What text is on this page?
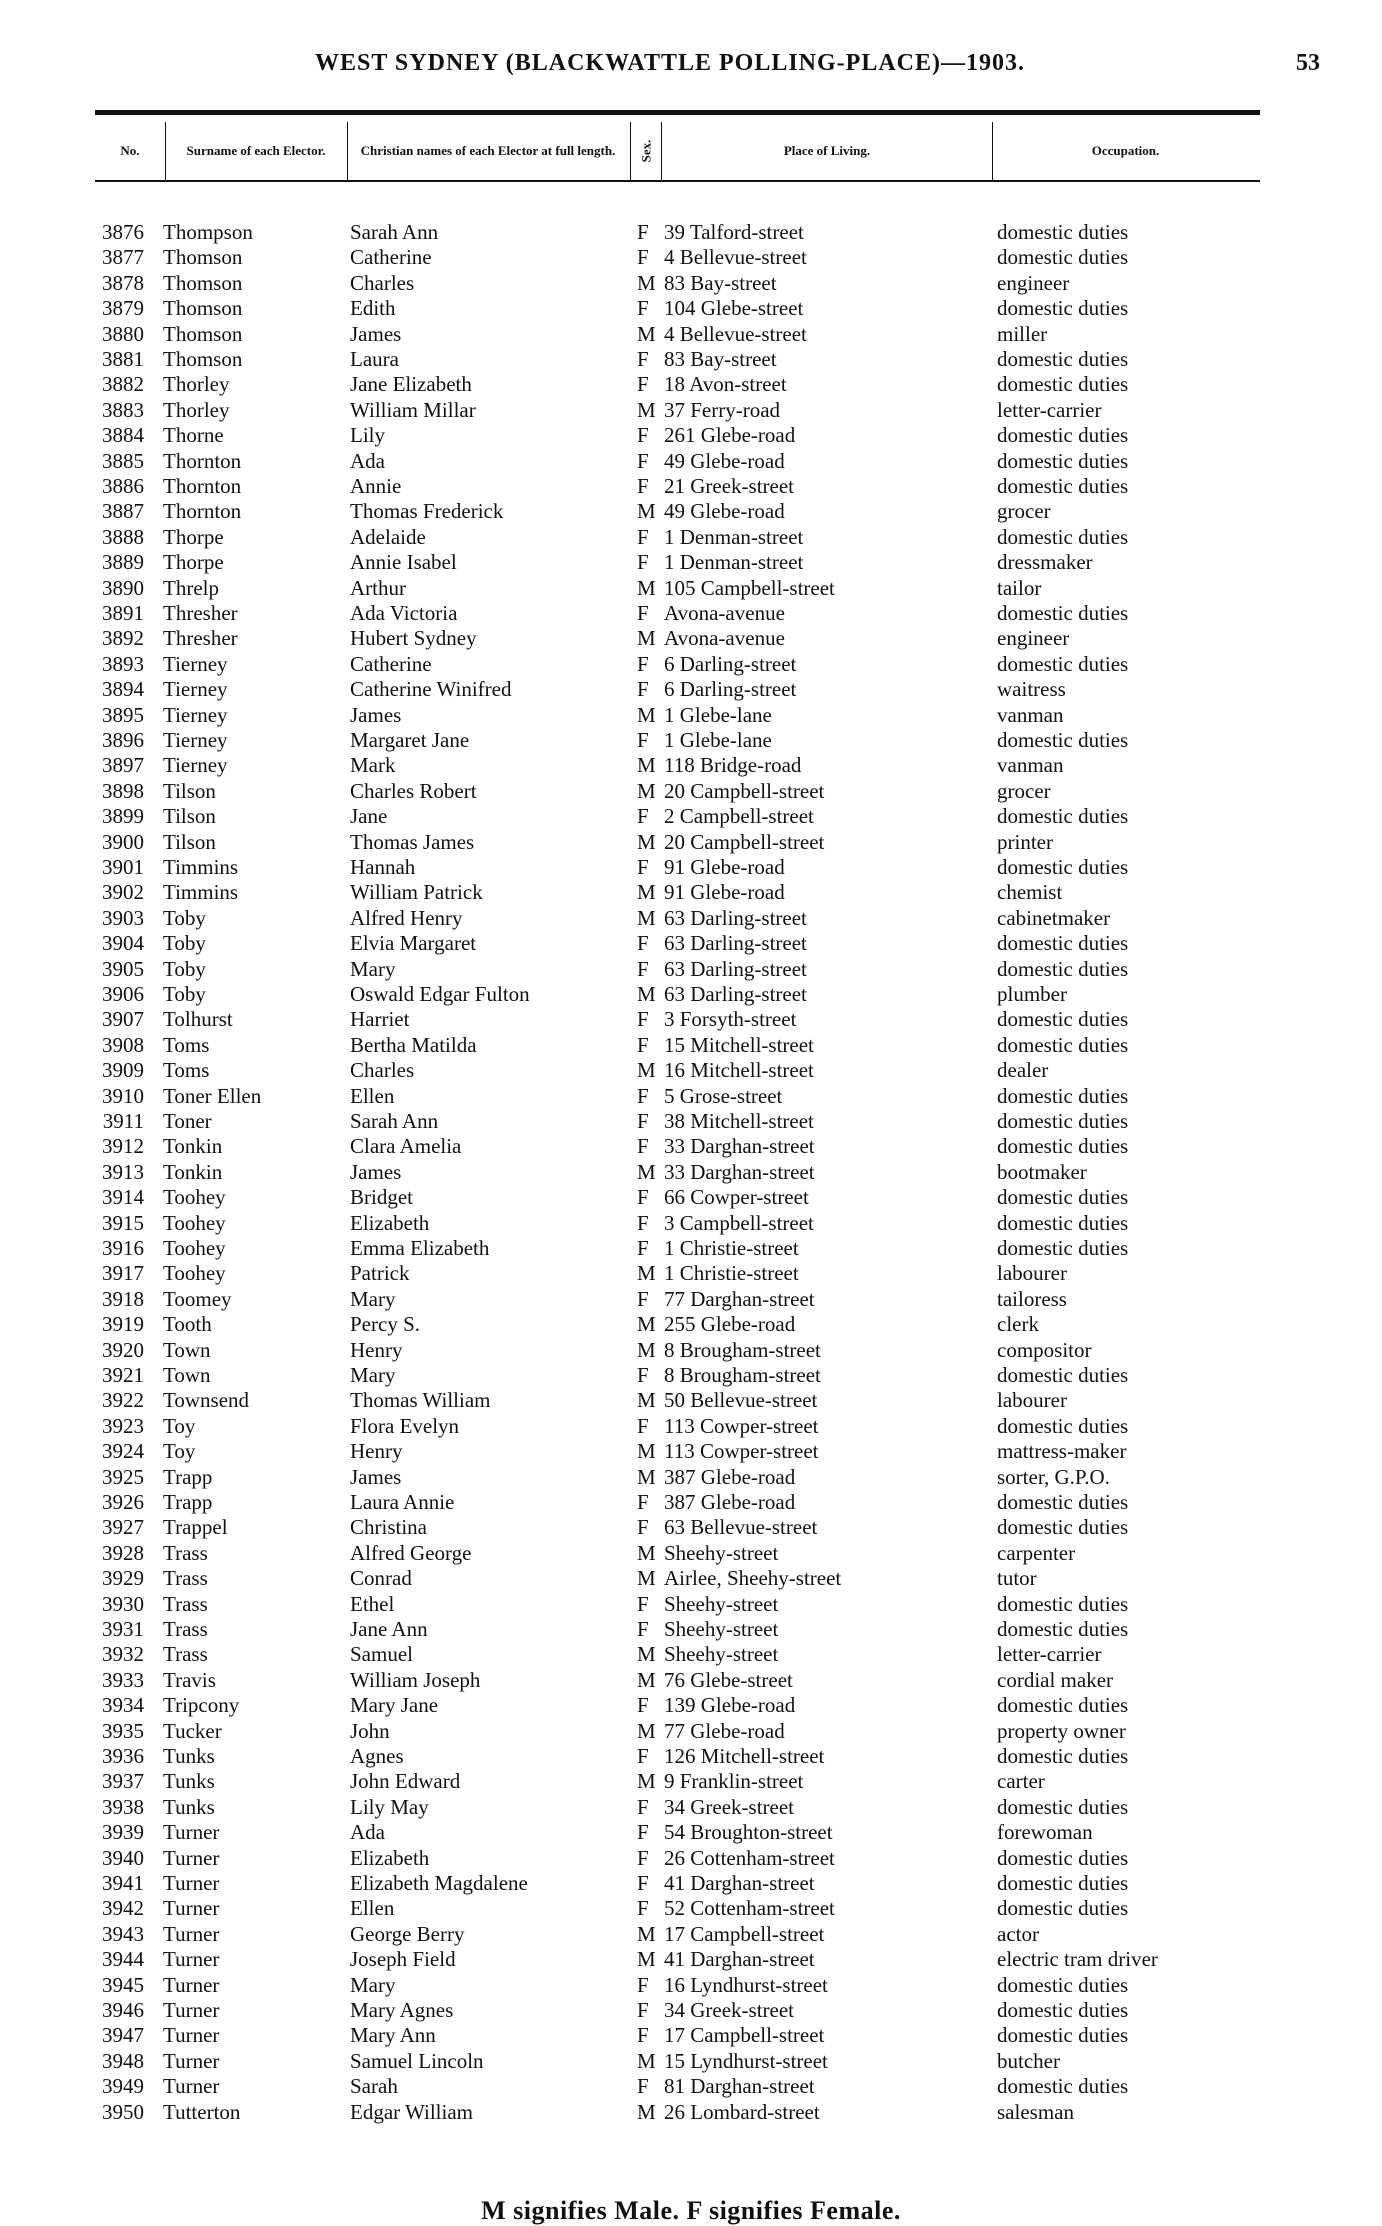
WEST SYDNEY (BLACKWATTLE POLLING-PLACE)—1903.	53
No.	Surname of each Elector.	Christian names of each Elector at full length.	Sex.	Place of Living.	Occupation.
3876 Thompson	Sarah Ann	F 39 Talford-street	domestic duties
3877 Thomson	Catherine	F 4 Bellevue-street	domestic duties
3878 Thomson	Charles	M 83 Bay-street	engineer
3879 Thomson	Edith	F 104 Glebe-street	domestic duties
3880 Thomson	James	M 4 Bellevue-street	miller
3881 Thomson	Laura	F 83 Bay-street	domestic duties
3882 Thorley	Jane Elizabeth	F 18 Avon-street	domestic duties
3883 Thorley	William Millar	M 37 Ferry-road	letter-carrier
3884 Thorne	Lily	F 261 Glebe-road	domestic duties
3885 Thornton	Ada	F 49 Glebe-road	domestic duties
3886 Thornton	Annie	F 21 Greek-street	domestic duties
3887 Thornton	Thomas Frederick	M 49 Glebe-road	grocer
3888 Thorpe	Adelaide	F 1 Denman-street	domestic duties
3889 Thorpe	Annie Isabel	F 1 Denman-street	dressmaker
3890 Threlp	Arthur	M 105 Campbell-street	tailor
3891 Thresher	Ada Victoria	F Avona-avenue	domestic duties
3892 Thresher	Hubert Sydney	M Avona-avenue	engineer
3893 Tierney	Catherine	F 6 Darling-street	domestic duties
3894 Tierney	Catherine Winifred	F 6 Darling-street	waitress
3895 Tierney	James	M 1 Glebe-lane	vanman
3896 Tierney	Margaret Jane	F 1 Glebe-lane	domestic duties
3897 Tierney	Mark	M 118 Bridge-road	vanman
3898 Tilson	Charles Robert	M 20 Campbell-street	grocer
3899 Tilson	Jane	F 2 Campbell-street	domestic duties
3900 Tilson	Thomas James	M 20 Campbell-street	printer
3901 Timmins	Hannah	F 91 Glebe-road	domestic duties
3902 Timmins	William Patrick	M 91 Glebe-road	chemist
3903 Toby	Alfred Henry	M 63 Darling-street	cabinetmaker
3904 Toby	Elvia Margaret	F 63 Darling-street	domestic duties
3905 Toby	Mary	F 63 Darling-street	domestic duties
3906 Toby	Oswald Edgar Fulton	M 63 Darling-street	plumber
3907 Tolhurst	Harriet	F 3 Forsyth-street	domestic duties
3908 Toms	Bertha Matilda	F 15 Mitchell-street	domestic duties
3909 Toms	Charles	M 16 Mitchell-street	dealer
3910 Toner Ellen	Ellen	F 5 Grose-street	domestic duties
3911 Toner	Sarah Ann	F 38 Mitchell-street	domestic duties
3912 Tonkin	Clara Amelia	F 33 Darghan-street	domestic duties
3913 Tonkin	James	M 33 Darghan-street	bootmaker
3914 Toohey	Bridget	F 66 Cowper-street	domestic duties
3915 Toohey	Elizabeth	F 3 Campbell-street	domestic duties
3916 Toohey	Emma Elizabeth	F 1 Christie-street	domestic duties
3917 Toohey	Patrick	M 1 Christie-street	labourer
3918 Toomey	Mary	F 77 Darghan-street	tailoress
3919 Tooth	Percy S.	M 255 Glebe-road	clerk
3920 Town	Henry	M 8 Brougham-street	compositor
3921 Town	Mary	F 8 Brougham-street	domestic duties
3922 Townsend	Thomas William	M 50 Bellevue-street	labourer
3923 Toy	Flora Evelyn	F 113 Cowper-street	domestic duties
3924 Toy	Henry	M 113 Cowper-street	mattress-maker
3925 Trapp	James	M 387 Glebe-road	sorter, G.P.O.
3926 Trapp	Laura Annie	F 387 Glebe-road	domestic duties
3927 Trappel	Christina	F 63 Bellevue-street	domestic duties
3928 Trass	Alfred George	M Sheehy-street	carpenter
3929 Trass	Conrad	M Airlee, Sheehy-street	tutor
3930 Trass	Ethel	F Sheehy-street	domestic duties
3931 Trass	Jane Ann	F Sheehy-street	domestic duties
3932 Trass	Samuel	M Sheehy-street	letter-carrier
3933 Travis	William Joseph	M 76 Glebe-street	cordial maker
3934 Tripcony	Mary Jane	F 139 Glebe-road	domestic duties
3935 Tucker	John	M 77 Glebe-road	property owner
3936 Tunks	Agnes	F 126 Mitchell-street	domestic duties
3937 Tunks	John Edward	M 9 Franklin-street	carter
3938 Tunks	Lily May	F 34 Greek-street	domestic duties
3939 Turner	Ada	F 54 Broughton-street	forewoman
3940 Turner	Elizabeth	F 26 Cottenham-street	domestic duties
3941 Turner	Elizabeth Magdalene	F 41 Darghan-street	domestic duties
3942 Turner	Ellen	F 52 Cottenham-street	domestic duties
3943 Turner	George Berry	M 17 Campbell-street	actor
3944 Turner	Joseph Field	M 41 Darghan-street	electric tram driver
3945 Turner	Mary	F 16 Lyndhurst-street	domestic duties
3946 Turner	Mary Agnes	F 34 Greek-street	domestic duties
3947 Turner	Mary Ann	F 17 Campbell-street	domestic duties
3948 Turner	Samuel Lincoln	M 15 Lyndhurst-street	butcher
3949 Turner	Sarah	F 81 Darghan-street	domestic duties
3950 Tutterton	Edgar William	M 26 Lombard-street	salesman
M signifies Male. F signifies Female.
